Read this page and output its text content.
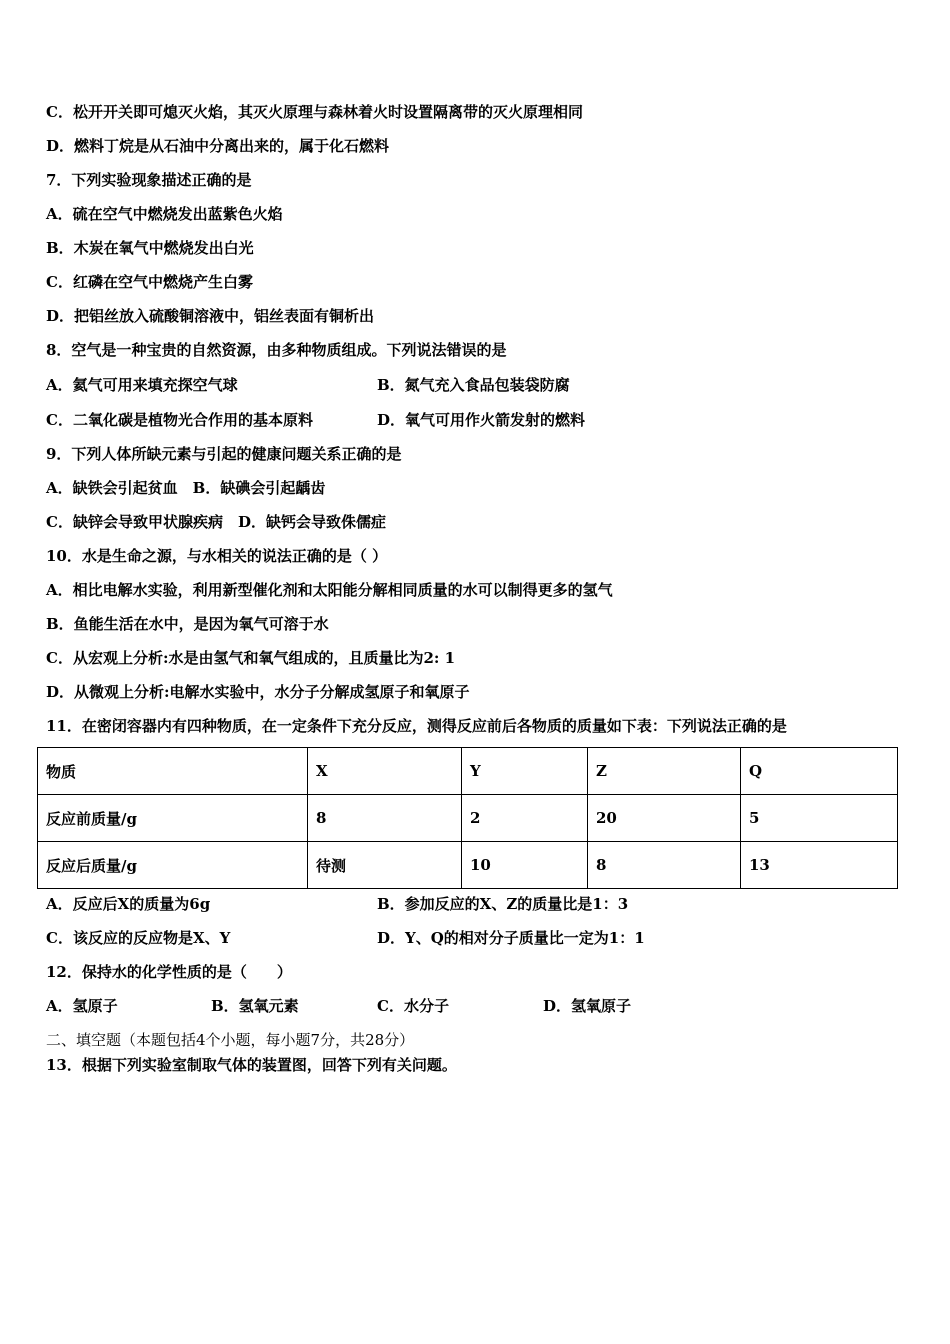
C．松开开关即可熄灭火焰，其灭火原理与森林着火时设置隔离带的灭火原理相同
D．燃料丁烷是从石油中分离出来的，属于化石燃料
7．下列实验现象描述正确的是
A．硫在空气中燃烧发出蓝紫色火焰
B．木炭在氧气中燃烧发出白光
C．红磷在空气中燃烧产生白雾
D．把铝丝放入硫酸铜溶液中，铝丝表面有铜析出
8．空气是一种宝贵的自然资源，由多种物质组成。下列说法错误的是
A．氦气可用来填充探空气球	B．氮气充入食品包装袋防腐
C．二氧化碳是植物光合作用的基本原料	D．氧气可用作火箭发射的燃料
9．下列人体所缺元素与引起的健康问题关系正确的是
A．缺铁会引起贫血　B．缺碘会引起龋齿
C．缺锌会导致甲状腺疾病　D．缺钙会导致侏儒症
10．水是生命之源，与水相关的说法正确的是（ ）
A．相比电解水实验，利用新型催化剂和太阳能分解相同质量的水可以制得更多的氢气
B．鱼能生活在水中，是因为氧气可溶于水
C．从宏观上分析:水是由氢气和氧气组成的，且质量比为2: 1
D．从微观上分析:电解水实验中，水分子分解成氢原子和氧原子
11．在密闭容器内有四种物质，在一定条件下充分反应，测得反应前后各物质的质量如下表：下列说法正确的是
物质	X	Y	Z	Q
反应前质量/g	8	2	20	5
反应后质量/g	待测	10	8	13
A．反应后X的质量为6g	B．参加反应的X、Z的质量比是1：3
C．该反应的反应物是X、Y	D．Y、Q的相对分子质量比一定为1：1
12．保持水的化学性质的是（　　）
A．氢原子	B．氢氧元素	C．水分子	D．氢氧原子
二、填空题（本题包括4个小题，每小题7分，共28分）
13．根据下列实验室制取气体的装置图，回答下列有关问题。
